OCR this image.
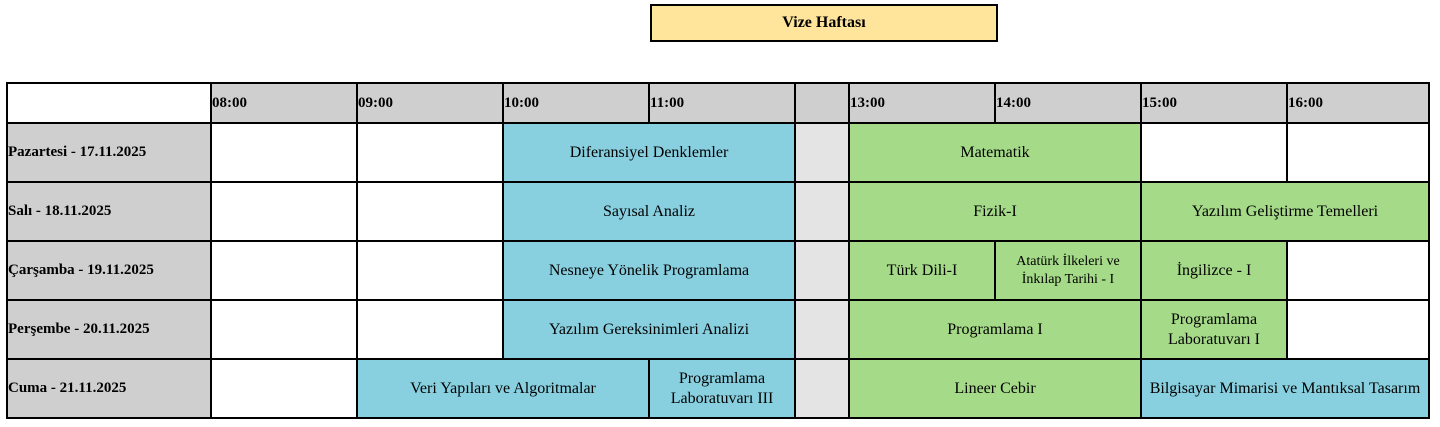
Vize Haftası
	08:00	09:00	10:00	11:00		13:00	14:00	15:00	16:00
Pazartesi - 17.11.2025			Diferansiyel Denklemler			Matematik			
Salı - 18.11.2025			Sayısal Analiz			Fizik-I		Yazılım Geliştirme Temelleri	
Çarşamba - 19.11.2025			Nesneye Yönelik Programlama			Türk Dili-I	Atatürk İlkeleri ve İnkılap Tarihi - I	İngilizce - I	
Perşembe - 20.11.2025			Yazılım Gereksinimleri Analizi			Programlama I		Programlama Laboratuvarı I	
Cuma - 21.11.2025		Veri Yapıları ve Algoritmalar		Programlama Laboratuvarı III		Lineer Cebir		Bilgisayar Mimarisi ve Mantıksal Tasarım	
